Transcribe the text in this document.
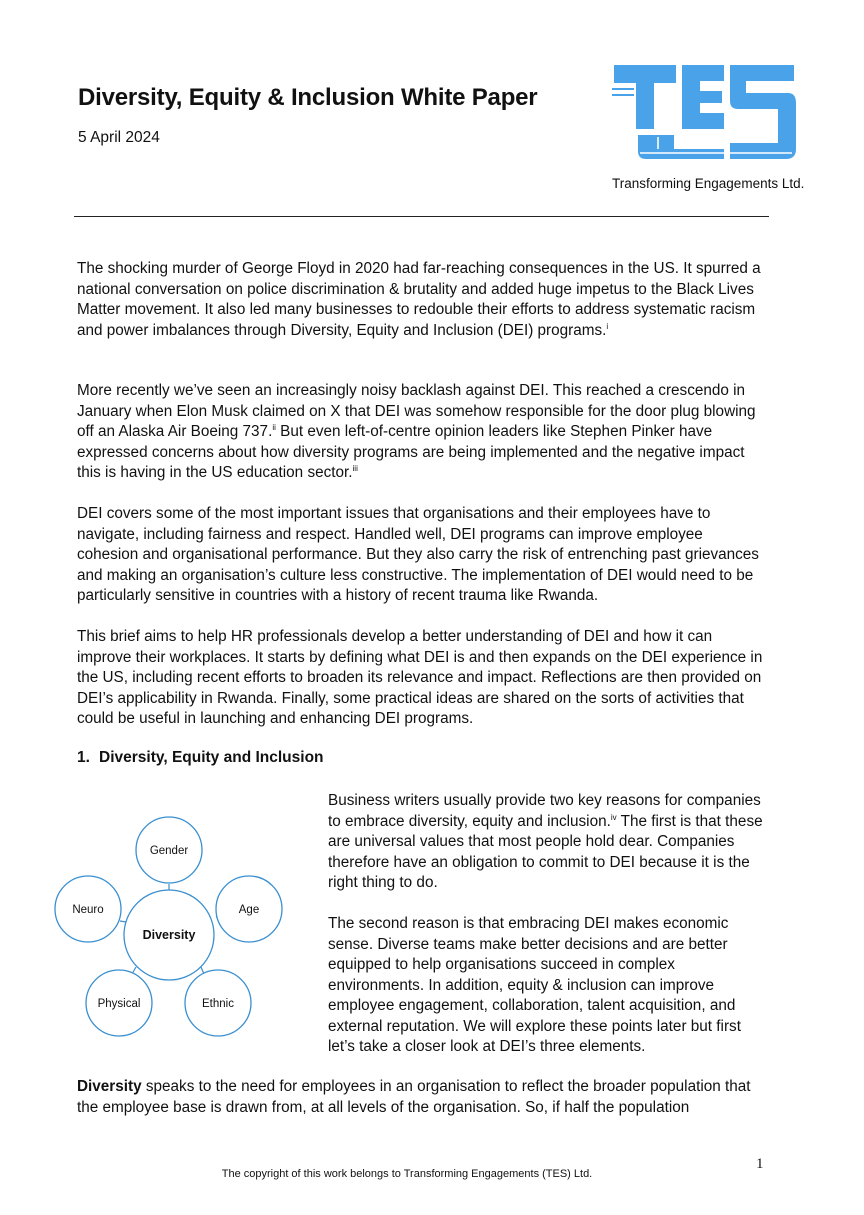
Diversity, Equity & Inclusion White Paper
5 April 2024
Transforming Engagements Ltd.

The shocking murder of George Floyd in 2020 had far-reaching consequences in the US. It spurred a national conversation on police discrimination & brutality and added huge impetus to the Black Lives Matter movement. It also led many businesses to redouble their efforts to address systematic racism and power imbalances through Diversity, Equity and Inclusion (DEI) programs.$^i$

More recently we’ve seen an increasingly noisy backlash against DEI. This reached a crescendo in January when Elon Musk claimed on X that DEI was somehow responsible for the door plug blowing off an Alaska Air Boeing 737.$^{ii}$ But even left-of-centre opinion leaders like Stephen Pinker have expressed concerns about how diversity programs are being implemented and the negative impact this is having in the US education sector.$^{iii}$

DEI covers some of the most important issues that organisations and their employees have to navigate, including fairness and respect. Handled well, DEI programs can improve employee cohesion and organisational performance. But they also carry the risk of entrenching past grievances and making an organisation’s culture less constructive. The implementation of DEI would need to be particularly sensitive in countries with a history of recent trauma like Rwanda.

This brief aims to help HR professionals develop a better understanding of DEI and how it can improve their workplaces. It starts by defining what DEI is and then expands on the DEI experience in the US, including recent efforts to broaden its relevance and impact. Reflections are then provided on DEI’s applicability in Rwanda. Finally, some practical ideas are shared on the sorts of activities that could be useful in launching and enhancing DEI programs.

1. Diversity, Equity and Inclusion
Diversity
Gender
Age
Ethnic
Physical
Neuro

Business writers usually provide two key reasons for companies to embrace diversity, equity and inclusion.$^{iv}$ The first is that these are universal values that most people hold dear. Companies therefore have an obligation to commit to DEI because it is the right thing to do.

The second reason is that embracing DEI makes economic sense. Diverse teams make better decisions and are better equipped to help organisations succeed in complex environments. In addition, equity & inclusion can improve employee engagement, collaboration, talent acquisition, and external reputation. We will explore these points later but first let’s take a closer look at DEI’s three elements.

Diversity speaks to the need for employees in an organisation to reflect the broader population that the employee base is drawn from, at all levels of the organisation. So, if half the population

The copyright of this work belongs to Transforming Engagements (TES) Ltd.
1
